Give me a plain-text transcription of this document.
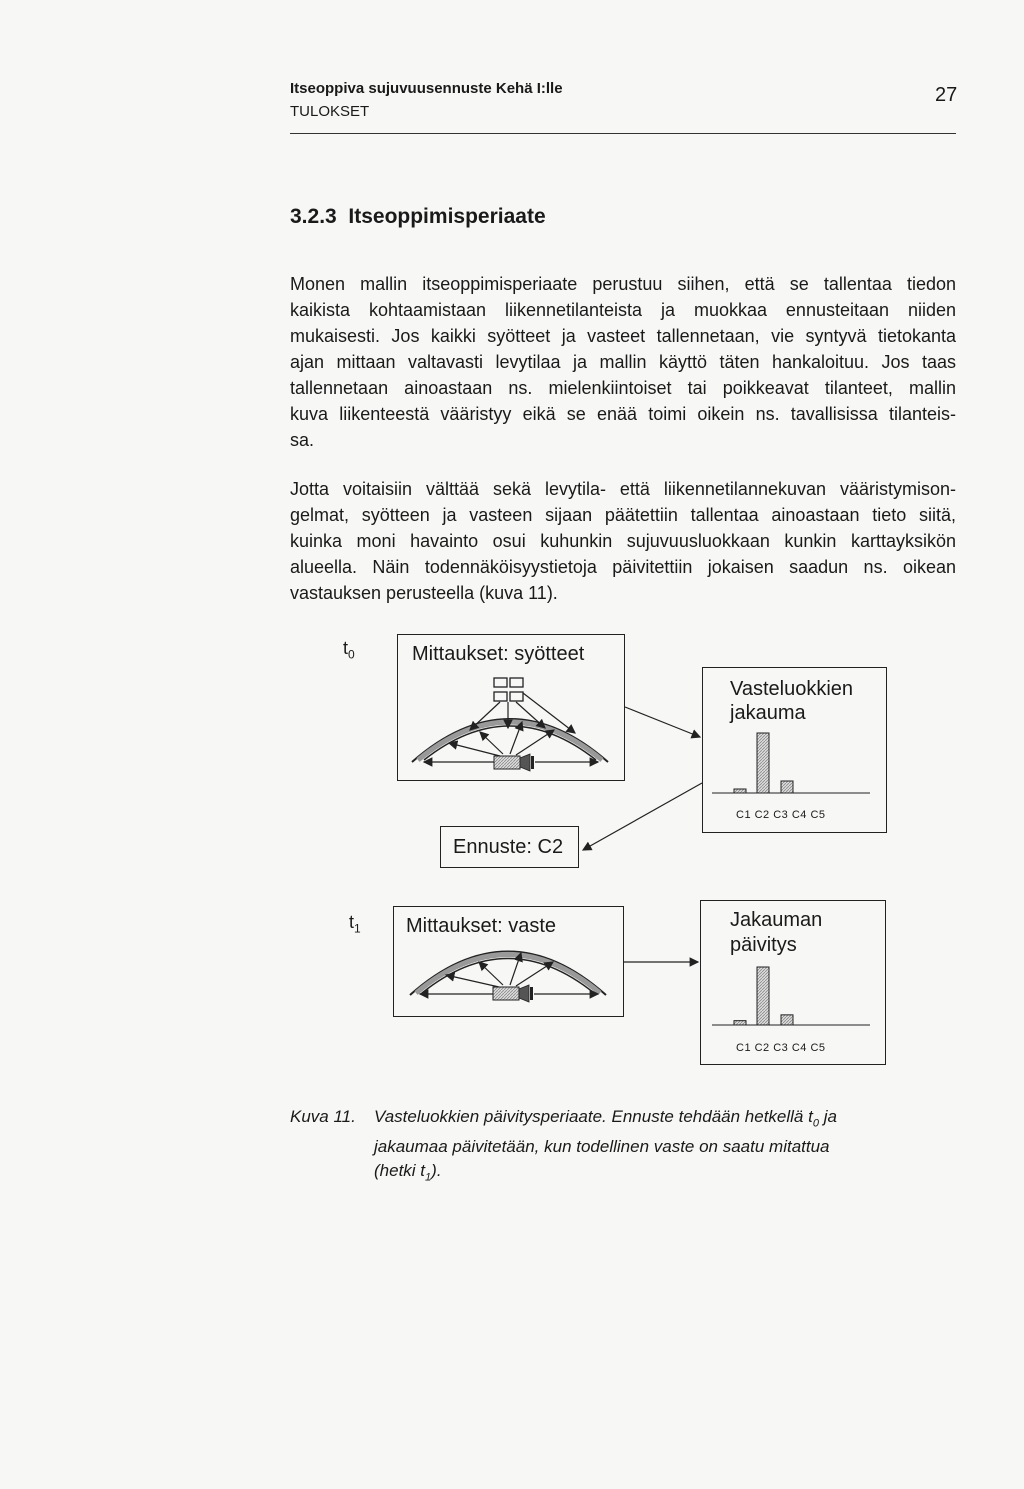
Itseoppiva sujuvuusennuste Kehä I:lle
TULOKSET
27
3.2.3 Itseoppimisperiaate
Monen mallin itseoppimisperiaate perustuu siihen, että se tallentaa tiedon
kaikista kohtaamistaan liikennetilanteista ja muokkaa ennusteitaan niiden
mukaisesti. Jos kaikki syötteet ja vasteet tallennetaan, vie syntyvä tietokanta
ajan mittaan valtavasti levytilaa ja mallin käyttö täten hankaloituu. Jos taas
tallennetaan ainoastaan ns. mielenkiintoiset tai poikkeavat tilanteet, mallin
kuva liikenteestä vääristyy eikä se enää toimi oikein ns. tavallisissa tilanteis-
sa.
Jotta voitaisiin välttää sekä levytila- että liikennetilannekuvan vääristymison-
gelmat, syötteen ja vasteen sijaan päätettiin tallentaa ainoastaan tieto siitä,
kuinka moni havainto osui kuhunkin sujuvuusluokkaan kunkin karttayksikön
alueella. Näin todennäköisyystietoja päivitettiin jokaisen saadun ns. oikean
vastauksen perusteella (kuva 11).
$t_0$
$t_1$
Mittaukset: syötteet
Vasteluokkien
jakauma
C1 C2 C3 C4 C5
Ennuste: C2
Mittaukset: vaste	Jakauman
päivitys
C1 C2 C3 C4 C5
Kuva 11. Vasteluokkien päivitysperiaate. Ennuste tehdään hetkellä $t_0$ ja
jakaumaa päivitetään, kun todellinen vaste on saatu mitattua
(hetki $t_1$).
